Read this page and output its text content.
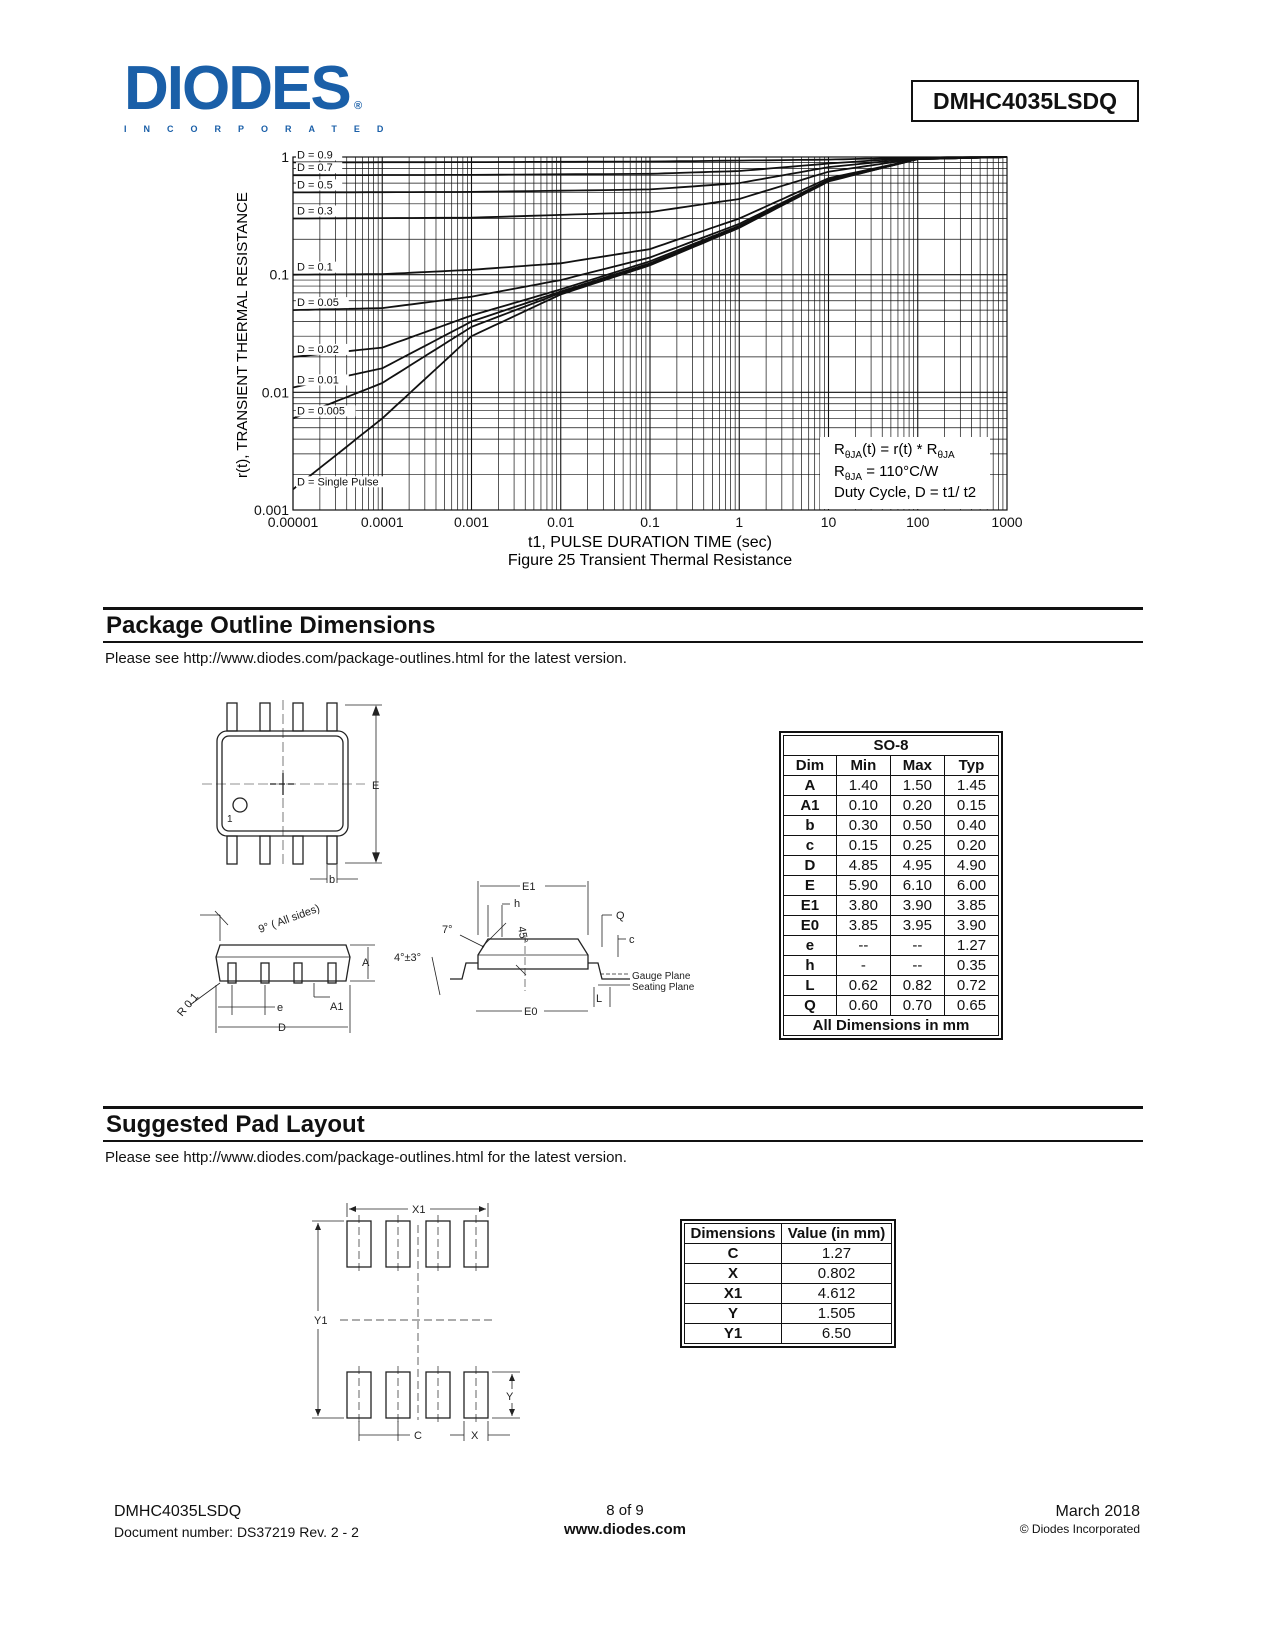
DIODES ®
INCORPORATED
DMHC4035LSDQ
D = 0.9
D = 0.7
D = 0.5
D = 0.3
D = 0.1
D = 0.05
D = 0.02
D = 0.01
D = 0.005
D = Single Pulse
$R_{\theta JA}(t) = r(t) * R_{\theta JA}$
$R_{\theta JA} = 110^\circ C/W$
Duty Cycle, D = t1/ t2
0.00001	0.0001	0.001	0.01	0.1	1	10	100	1000
0.001
0.01
0.1
1
t1, PULSE DURATION TIME (sec)
Figure 25 Transient Thermal Resistance
r(t), TRANSIENT THERMAL RESISTANCE
Package Outline Dimensions
Please see http://www.diodes.com/package-outlines.html for the latest version.
E
b
1
9° ( All sides)
A
A1
e
D
R 0.1
E1
h
Q
c
7°	45°
4°±3°
Gauge Plane
Seating Plane
L
E0
SO-8			
Dim	Min	Max	Typ
A	1.40	1.50	1.45
A1	0.10	0.20	0.15
b	0.30	0.50	0.40
c	0.15	0.25	0.20
D	4.85	4.95	4.90
E	5.90	6.10	6.00
E1	3.80	3.90	3.85
E0	3.85	3.95	3.90
e	--	--	1.27
h	-	--	0.35
L	0.62	0.82	0.72
Q	0.60	0.70	0.65
All Dimensions in mm			
Suggested Pad Layout
Please see http://www.diodes.com/package-outlines.html for the latest version.
X1
Y1
Y
C	X
Dimensions	Value (in mm)
C	1.27
X	0.802
X1	4.612
Y	1.505
Y1	6.50
DMHC4035LSDQ
Document number: DS37219 Rev. 2 - 2
8 of 9
www.diodes.com
March 2018
© Diodes Incorporated
